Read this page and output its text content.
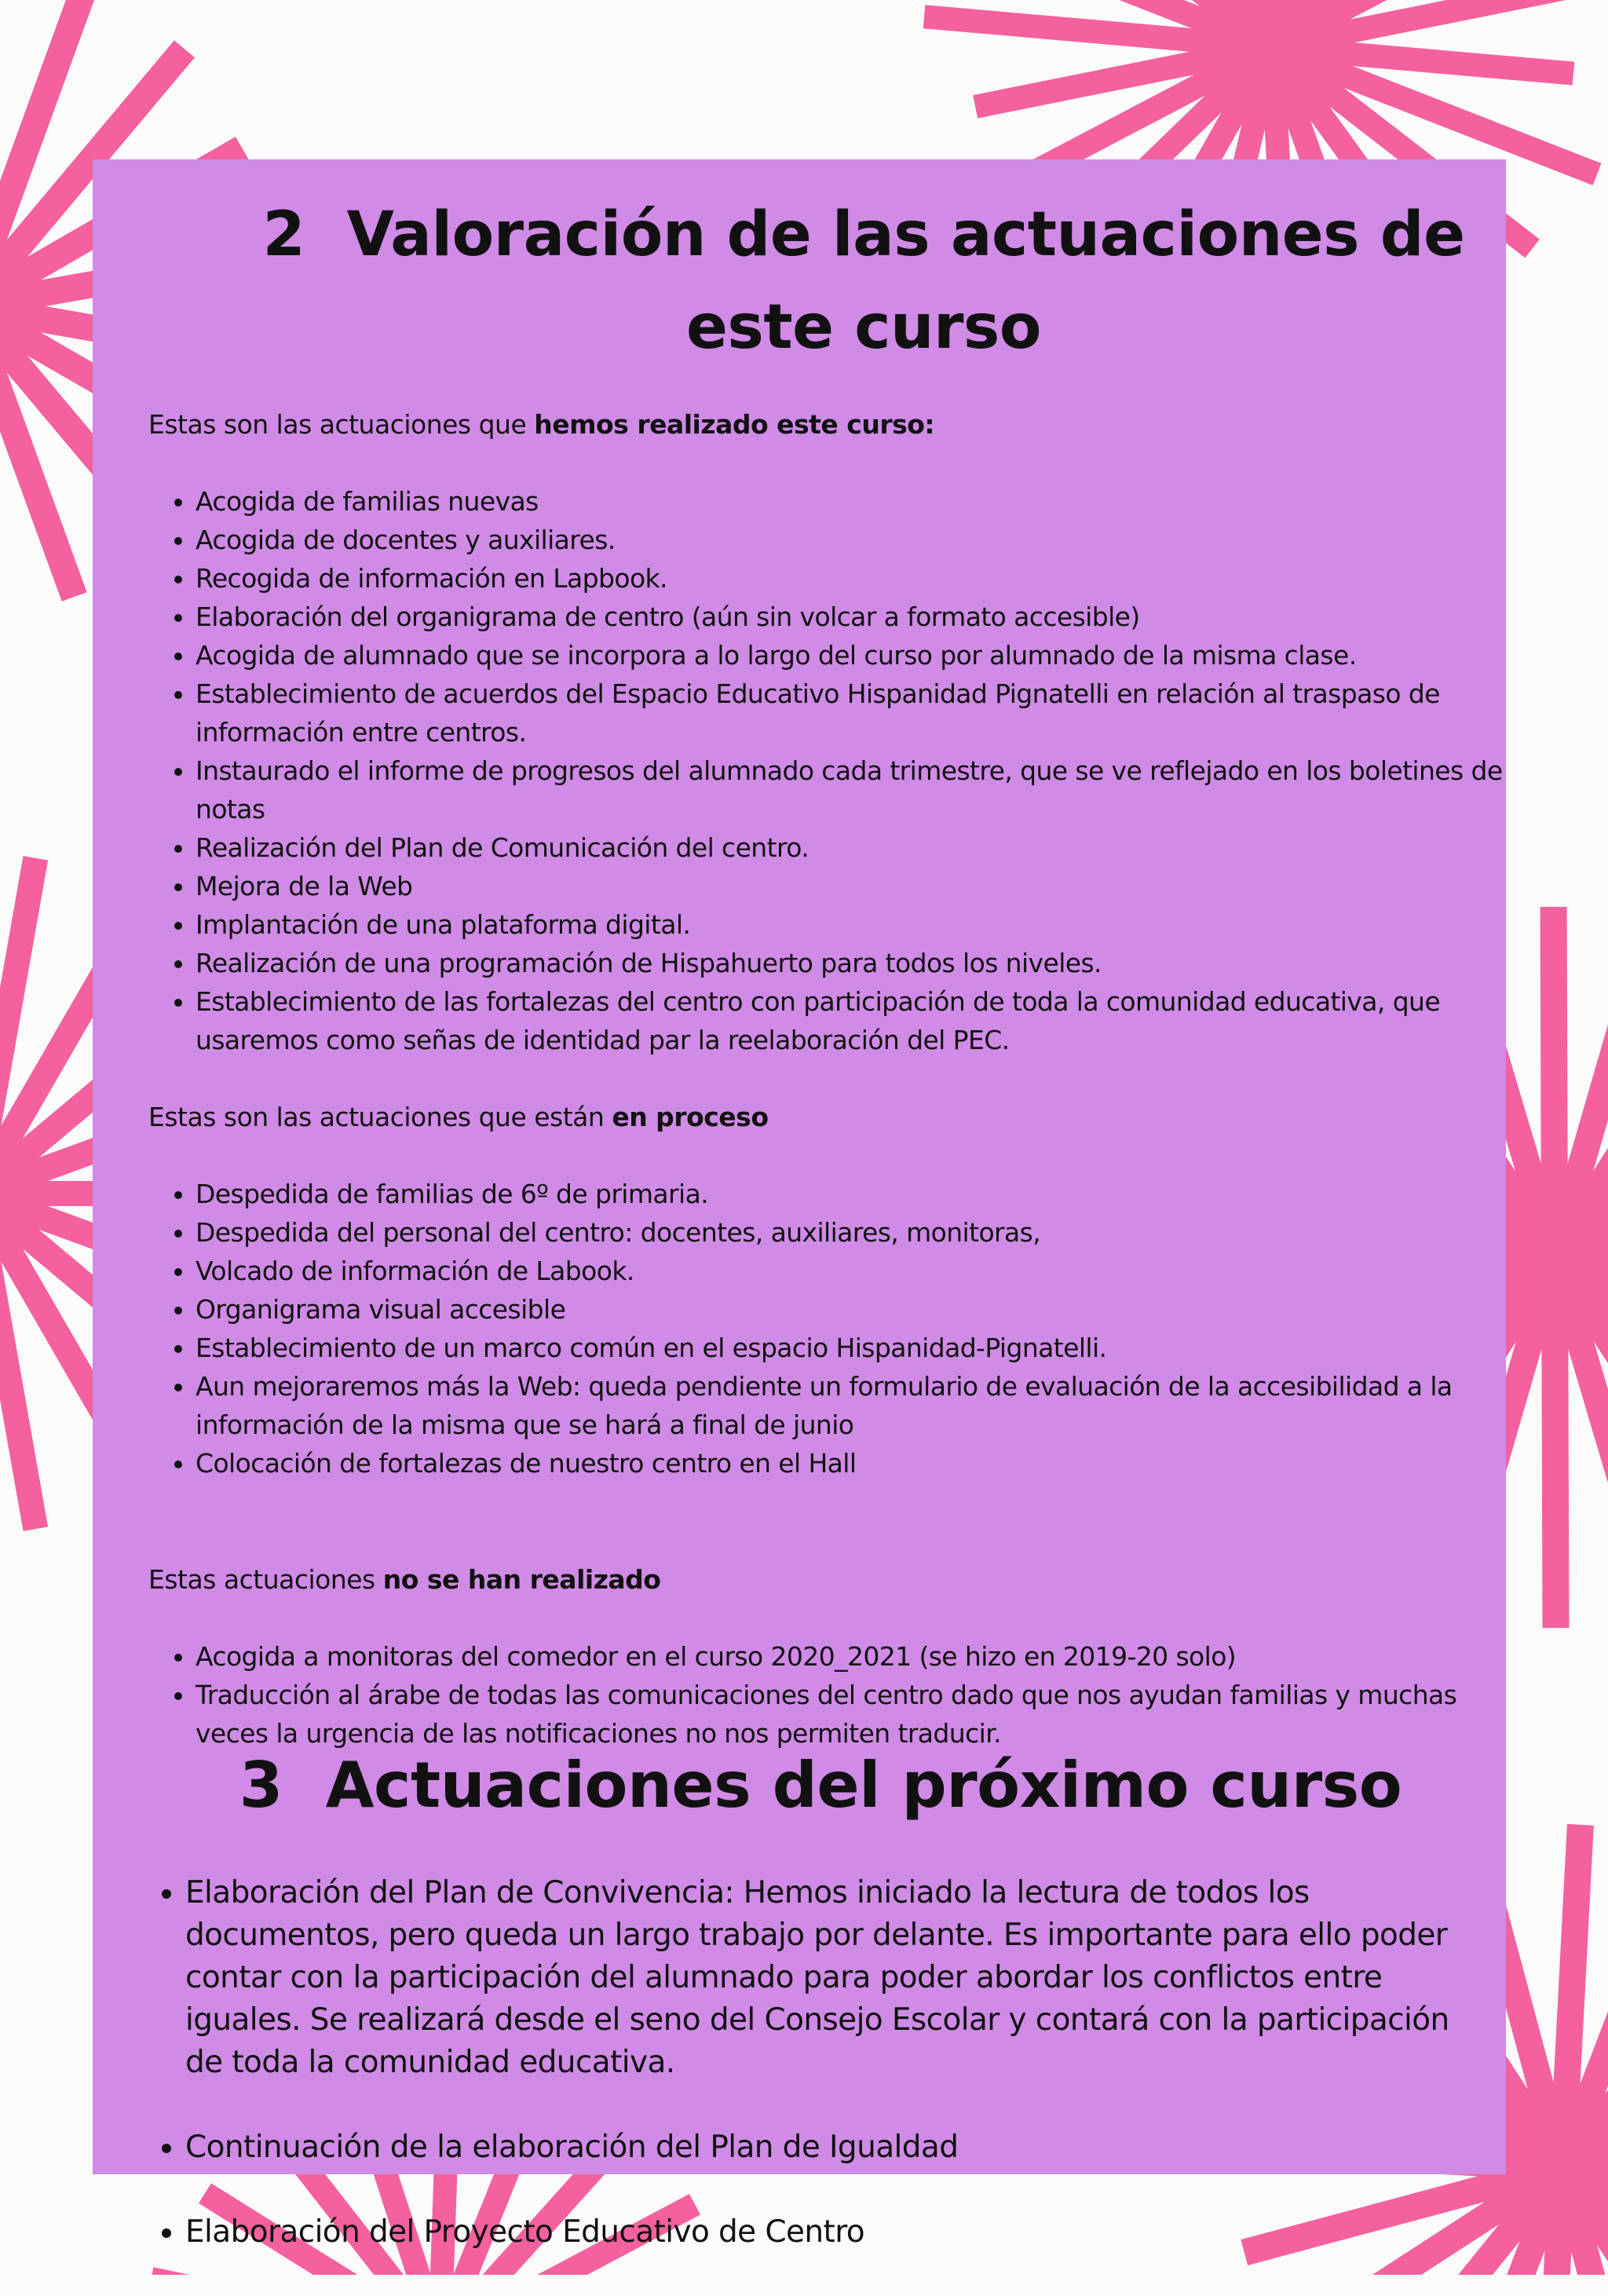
2 Valoración de las actuaciones de este curso

Estas son las actuaciones que hemos realizado este curso:

• Acogida de familias nuevas
• Acogida de docentes y auxiliares.
• Recogida de información en Lapbook.
• Elaboración del organigrama de centro (aún sin volcar a formato accesible)
• Acogida de alumnado que se incorpora a lo largo del curso por alumnado de la misma clase.
• Establecimiento de acuerdos del Espacio Educativo Hispanidad Pignatelli en relación al traspaso de información entre centros.
• Instaurado el informe de progresos del alumnado cada trimestre, que se ve reflejado en los boletines de notas
• Realización del Plan de Comunicación del centro.
• Mejora de la Web
• Implantación de una plataforma digital.
• Realización de una programación de Hispahuerto para todos los niveles.
• Establecimiento de las fortalezas del centro con participación de toda la comunidad educativa, que usaremos como señas de identidad par la reelaboración del PEC.

Estas son las actuaciones que están en proceso

• Despedida de familias de 6º de primaria.
• Despedida del personal del centro: docentes, auxiliares, monitoras,
• Volcado de información de Labook.
• Organigrama visual accesible
• Establecimiento de un marco común en el espacio Hispanidad-Pignatelli.
• Aun mejoraremos más la Web: queda pendiente un formulario de evaluación de la accesibilidad a la información de la misma que se hará a final de junio
• Colocación de fortalezas de nuestro centro en el Hall

Estas actuaciones no se han realizado

• Acogida a monitoras del comedor en el curso 2020_2021 (se hizo en 2019-20 solo)
• Traducción al árabe de todas las comunicaciones del centro dado que nos ayudan familias y muchas veces la urgencia de las notificaciones no nos permiten traducir.
3 Actuaciones del próximo curso
• Elaboración del Plan de Convivencia: Hemos iniciado la lectura de todos los documentos, pero queda un largo trabajo por delante. Es importante para ello poder contar con la participación del alumnado para poder abordar los conflictos entre iguales. Se realizará desde el seno del Consejo Escolar y contará con la participación de toda la comunidad educativa.
• Continuación de la elaboración del Plan de Igualdad
• Elaboración del Proyecto Educativo de Centro
